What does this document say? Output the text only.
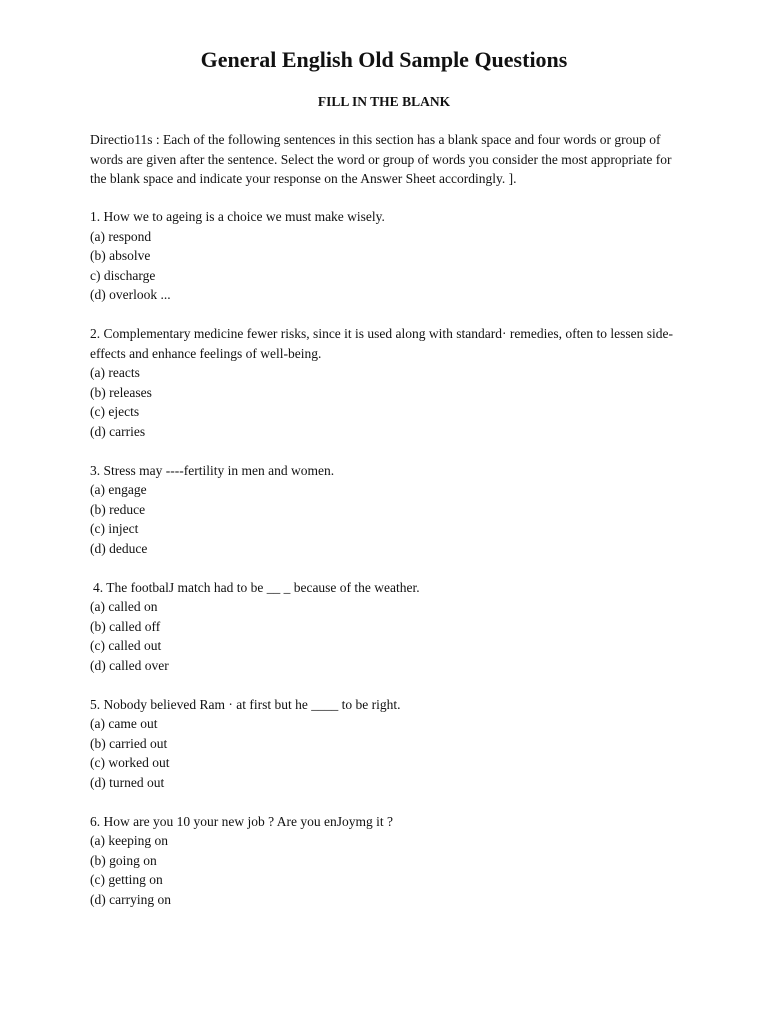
General English Old Sample Questions
FILL IN THE BLANK
Directio11s : Each of the following sentences in this section has a blank space and four words or group of words are given after the sentence. Select the word or group of words you consider the most appropriate for the blank space and indicate your response on the Answer Sheet accordingly. ].
1. How we to ageing is a choice we must make wisely.
(a) respond
(b) absolve
c) discharge
(d) overlook ...
2. Complementary medicine fewer risks, since it is used along with standard· remedies, often to lessen side-effects and enhance feelings of well-being.
(a) reacts
(b) releases
(c) ejects
(d) carries
3. Stress may ----fertility in men and women.
(a) engage
(b) reduce
(c) inject
(d) deduce
4. The footbalJ match had to be __ _ because of the weather.
(a) called on
(b) called off
(c) called out
(d) called over
5. Nobody believed Ram · at first but he ____ to be right.
(a) came out
(b) carried out
(c) worked out
(d) turned out
6. How are you 10 your new job ? Are you enJoymg it ?
(a) keeping on
(b) going on
(c) getting on
(d) carrying on
